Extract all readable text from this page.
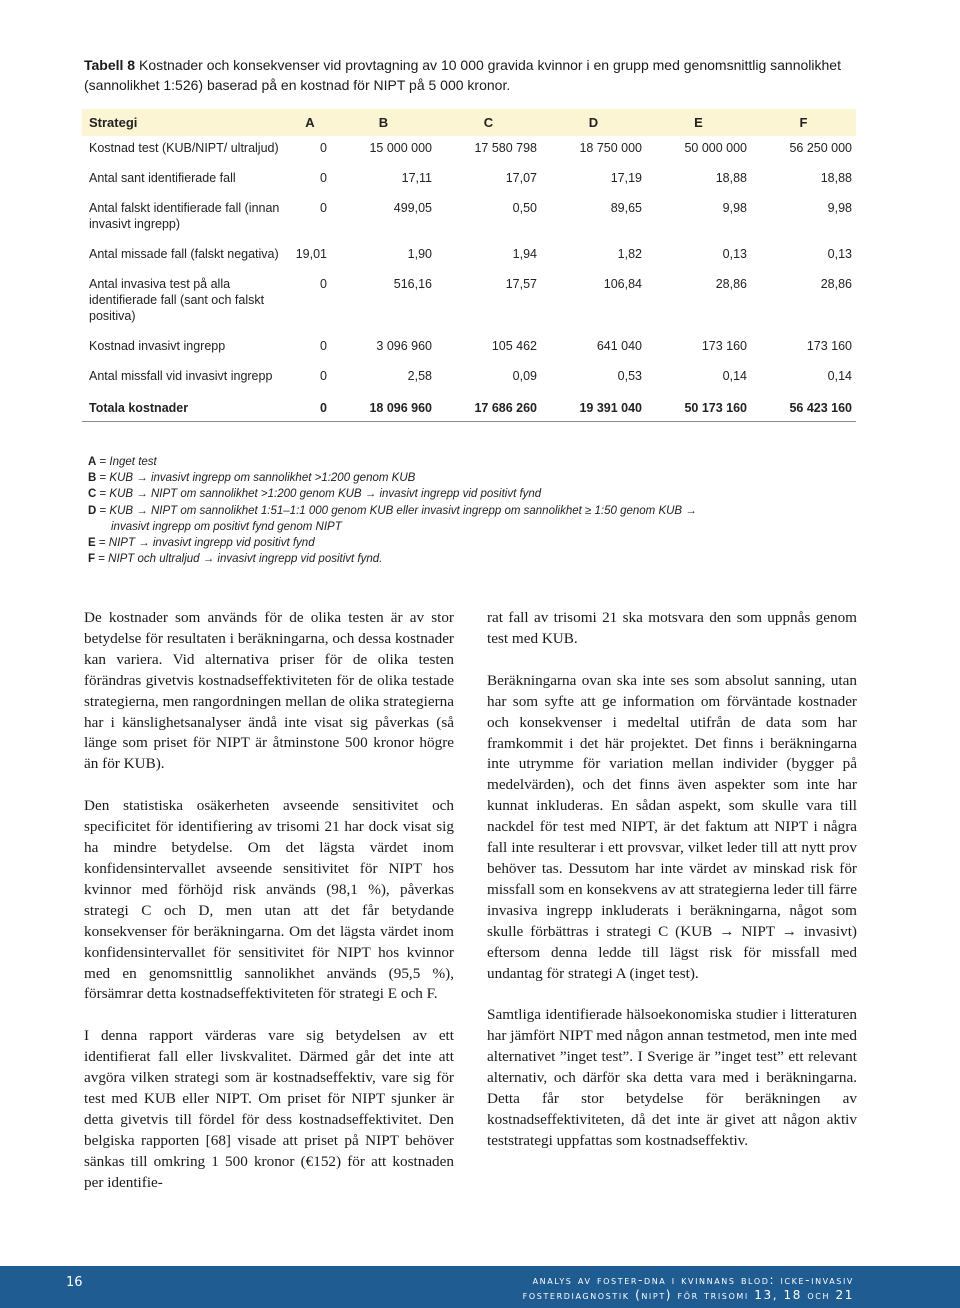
Tabell 8 Kostnader och konsekvenser vid provtagning av 10 000 gravida kvinnor i en grupp med genomsnittlig sannolikhet (sannolikhet 1:526) baserad på en kostnad för NIPT på 5 000 kronor.
Strategi	A	B	C	D	E	F
Kostnad test (KUB/NIPT/ ultraljud)	0	15 000 000	17 580 798	18 750 000	50 000 000	56 250 000
Antal sant identifierade fall	0	17,11	17,07	17,19	18,88	18,88
Antal falskt identifierade fall (innan invasivt ingrepp)	0	499,05	0,50	89,65	9,98	9,98
Antal missade fall (falskt negativa)	19,01	1,90	1,94	1,82	0,13	0,13
Antal invasiva test på alla identifierade fall (sant och falskt positiva)	0	516,16	17,57	106,84	28,86	28,86
Kostnad invasivt ingrepp	0	3 096 960	105 462	641 040	173 160	173 160
Antal missfall vid invasivt ingrepp	0	2,58	0,09	0,53	0,14	0,14
Totala kostnader	0	18 096 960	17 686 260	19 391 040	50 173 160	56 423 160
A = Inget test
B = KUB → invasivt ingrepp om sannolikhet >1:200 genom KUB
C = KUB → NIPT om sannolikhet >1:200 genom KUB → invasivt ingrepp vid positivt fynd
D = KUB → NIPT om sannolikhet 1:51–1:1 000 genom KUB eller invasivt ingrepp om sannolikhet ≥ 1:50 genom KUB →
invasivt ingrepp om positivt fynd genom NIPT
E = NIPT → invasivt ingrepp vid positivt fynd
F = NIPT och ultraljud → invasivt ingrepp vid positivt fynd.

De kostnader som används för de olika testen är av stor betydelse för resultaten i beräkningarna, och dessa kostnader kan variera. Vid alternativa priser för de olika testen förändras givetvis kostnadseffektiviteten för de olika testade strategierna, men rangordningen mellan de olika strategierna har i känslighetsanalyser ändå inte visat sig påverkas (så länge som priset för NIPT är åtminstone 500 kronor högre än för KUB).

Den statistiska osäkerheten avseende sensitivitet och specificitet för identifiering av trisomi 21 har dock visat sig ha mindre betydelse. Om det lägsta värdet inom konfidensintervallet avseende sensitivitet för NIPT hos kvinnor med förhöjd risk används (98,1 %), påverkas strategi C och D, men utan att det får betydande konsekvenser för beräkningarna. Om det lägsta värdet inom konfidensintervallet för sensitivitet för NIPT hos kvinnor med en genomsnittlig sannolikhet används (95,5 %), försämrar detta kostnadseffektiviteten för strategi E och F.

I denna rapport värderas vare sig betydelsen av ett identifierat fall eller livskvalitet. Därmed går det inte att avgöra vilken strategi som är kostnadseffektiv, vare sig för test med KUB eller NIPT. Om priset för NIPT sjunker är detta givetvis till fördel för dess kostnadseffektivitet. Den belgiska rapporten [68] visade att priset på NIPT behöver sänkas till omkring 1 500 kronor (€152) för att kostnaden per identifie-

rat fall av trisomi 21 ska motsvara den som uppnås genom test med KUB.

Beräkningarna ovan ska inte ses som absolut sanning, utan har som syfte att ge information om förväntade kostnader och konsekvenser i medeltal utifrån de data som har framkommit i det här projektet. Det finns i beräkningarna inte utrymme för variation mellan individer (bygger på medelvärden), och det finns även aspekter som inte har kunnat inkluderas. En sådan aspekt, som skulle vara till nackdel för test med NIPT, är det faktum att NIPT i några fall inte resulterar i ett provsvar, vilket leder till att nytt prov behöver tas. Dessutom har inte värdet av minskad risk för missfall som en konsekvens av att strategierna leder till färre invasiva ingrepp inkluderats i beräkningarna, något som skulle förbättras i strategi C (KUB → NIPT → invasivt) eftersom denna ledde till lägst risk för missfall med undantag för strategi A (inget test).

Samtliga identifierade hälsoekonomiska studier i litteraturen har jämfört NIPT med någon annan testmetod, men inte med alternativet ”inget test”. I Sverige är ”inget test” ett relevant alternativ, och därför ska detta vara med i beräkningarna. Detta får stor betydelse för beräkningen av kostnadseffektiviteten, då det inte är givet att någon aktiv teststrategi uppfattas som kostnadseffektiv.

16	analys av foster-dna i kvinnans blod: icke-invasiv
fosterdiagnostik (nipt) för trisomi 13, 18 och 21
